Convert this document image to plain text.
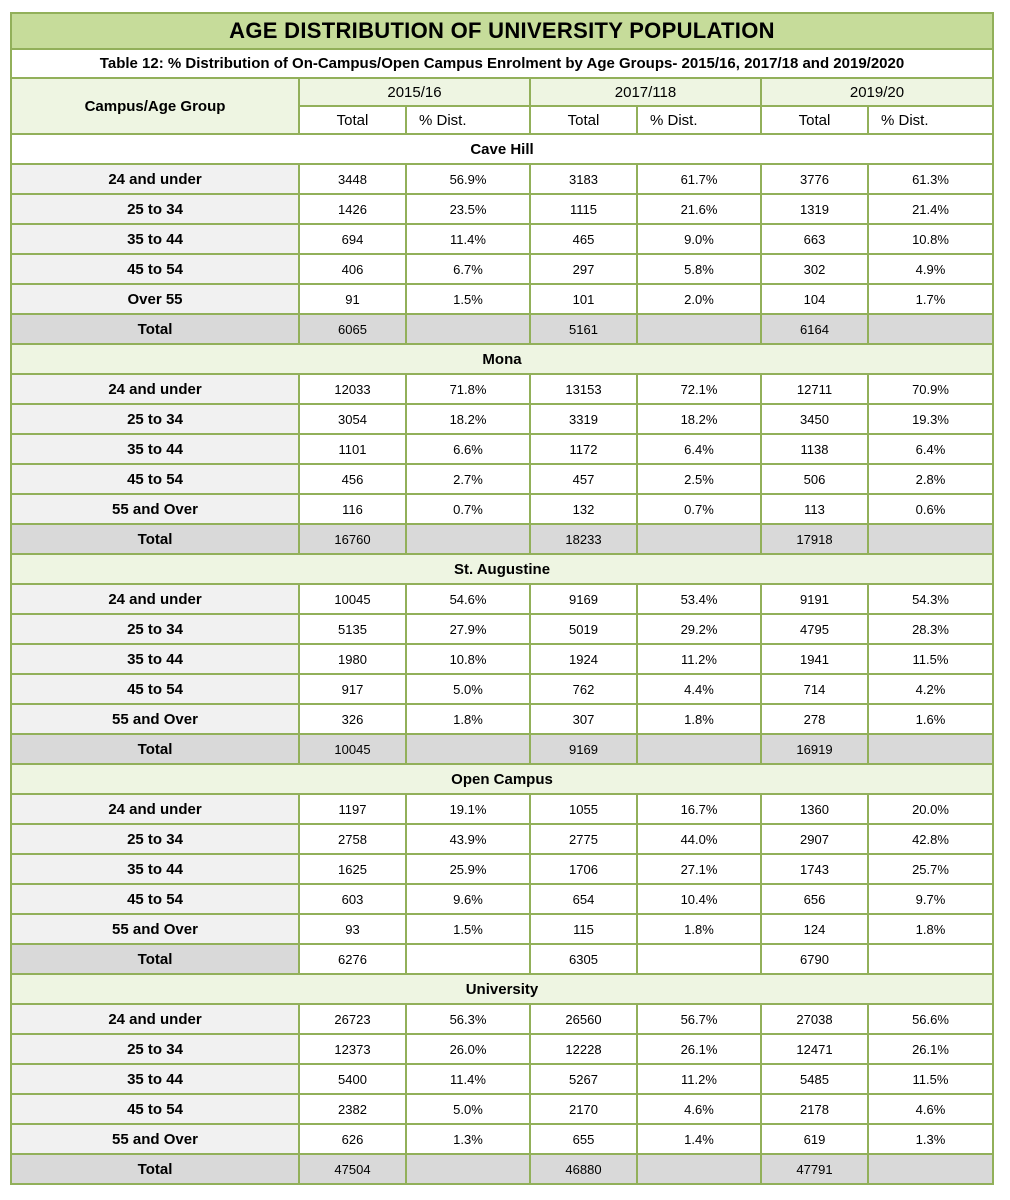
AGE DISTRIBUTION OF UNIVERSITY POPULATION						
Table 12: % Distribution of On-Campus/Open Campus Enrolment by Age Groups- 2015/16, 2017/18 and 2019/2020						
Campus/Age Group	2015/16		2017/118		2019/20	
	Total	% Dist.	Total	% Dist.	Total	% Dist.
Cave Hill						
24 and under	3448	56.9%	3183	61.7%	3776	61.3%
25 to 34	1426	23.5%	1115	21.6%	1319	21.4%
35 to 44	694	11.4%	465	9.0%	663	10.8%
45 to 54	406	6.7%	297	5.8%	302	4.9%
Over 55	91	1.5%	101	2.0%	104	1.7%
Total	6065		5161		6164	
Mona						
24 and under	12033	71.8%	13153	72.1%	12711	70.9%
25 to 34	3054	18.2%	3319	18.2%	3450	19.3%
35 to 44	1101	6.6%	1172	6.4%	1138	6.4%
45 to 54	456	2.7%	457	2.5%	506	2.8%
55 and Over	116	0.7%	132	0.7%	113	0.6%
Total	16760		18233		17918	
St. Augustine						
24 and under	10045	54.6%	9169	53.4%	9191	54.3%
25 to 34	5135	27.9%	5019	29.2%	4795	28.3%
35 to 44	1980	10.8%	1924	11.2%	1941	11.5%
45 to 54	917	5.0%	762	4.4%	714	4.2%
55 and Over	326	1.8%	307	1.8%	278	1.6%
Total	10045		9169		16919	
Open Campus						
24 and under	1197	19.1%	1055	16.7%	1360	20.0%
25 to 34	2758	43.9%	2775	44.0%	2907	42.8%
35 to 44	1625	25.9%	1706	27.1%	1743	25.7%
45 to 54	603	9.6%	654	10.4%	656	9.7%
55 and Over	93	1.5%	115	1.8%	124	1.8%
Total	6276		6305		6790	
University						
24 and under	26723	56.3%	26560	56.7%	27038	56.6%
25 to 34	12373	26.0%	12228	26.1%	12471	26.1%
35 to 44	5400	11.4%	5267	11.2%	5485	11.5%
45 to 54	2382	5.0%	2170	4.6%	2178	4.6%
55 and Over	626	1.3%	655	1.4%	619	1.3%
Total	47504		46880		47791	
